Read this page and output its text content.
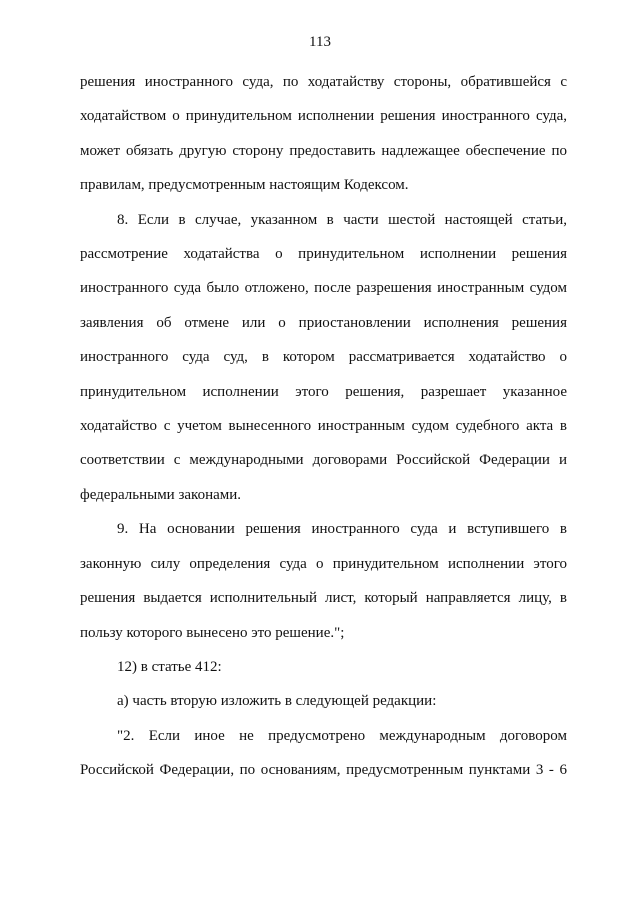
113

решения иностранного суда, по ходатайству стороны, обратившейся с ходатайством о принудительном исполнении решения иностранного суда, может обязать другую сторону предоставить надлежащее обеспечение по правилам, предусмотренным настоящим Кодексом.

8. Если в случае, указанном в части шестой настоящей статьи, рассмотрение ходатайства о принудительном исполнении решения иностранного суда было отложено, после разрешения иностранным судом заявления об отмене или о приостановлении исполнения решения иностранного суда суд, в котором рассматривается ходатайство о принудительном исполнении этого решения, разрешает указанное ходатайство с учетом вынесенного иностранным судом судебного акта в соответствии с международными договорами Российской Федерации и федеральными законами.

9. На основании решения иностранного суда и вступившего в законную силу определения суда о принудительном исполнении этого решения выдается исполнительный лист, который направляется лицу, в пользу которого вынесено это решение.";

12) в статье 412:

а) часть вторую изложить в следующей редакции:

"2. Если иное не предусмотрено международным договором Российской Федерации, по основаниям, предусмотренным пунктами 3 - 6
